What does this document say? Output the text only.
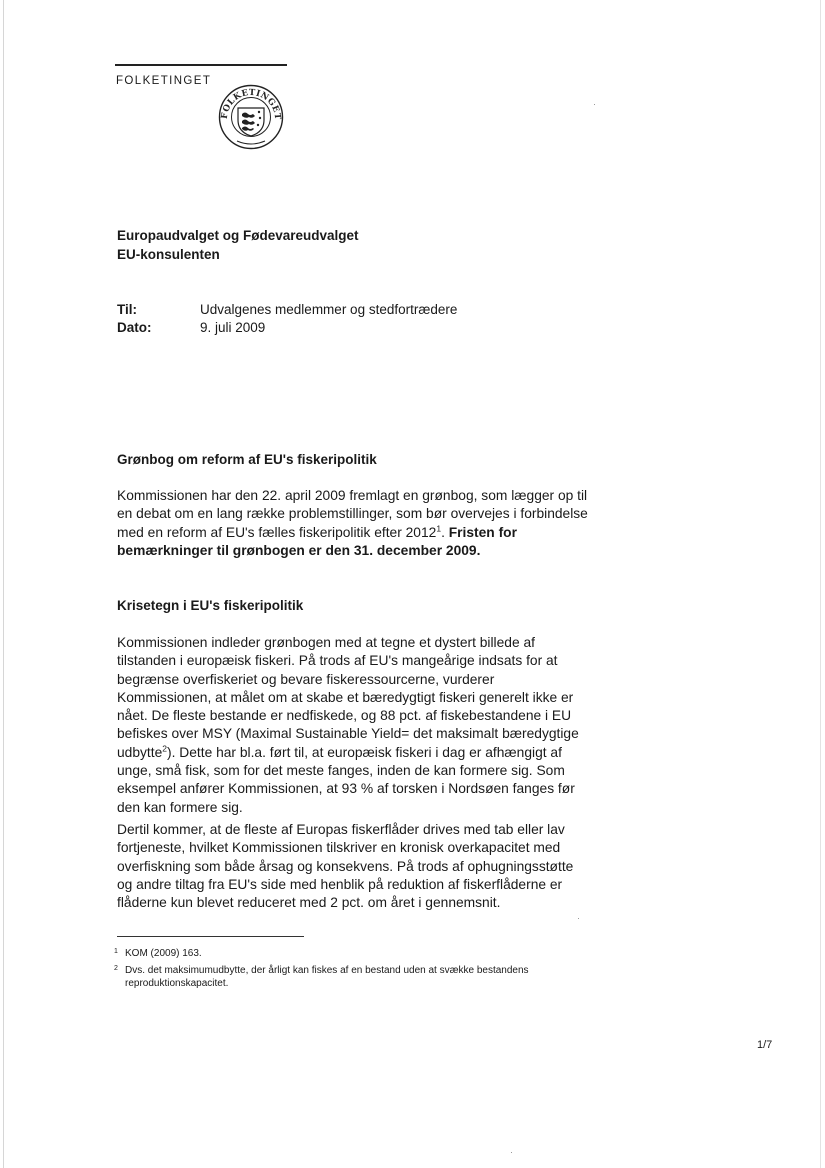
FOLKETINGET
FOLKETINGET
Europaudvalget og Fødevareudvalget
EU-konsulenten
Til:	Udvalgenes medlemmer og stedfortrædere
Dato:	9. juli 2009
Grønbog om reform af EU's fiskeripolitik
Kommissionen har den 22. april 2009 fremlagt en grønbog, som lægger op til en debat om en lang række problemstillinger, som bør overvejes i forbindelse med en reform af EU's fælles fiskeripolitik efter 2012$^1$. Fristen for bemærkninger til grønbogen er den 31. december 2009.
Krisetegn i EU's fiskeripolitik
Kommissionen indleder grønbogen med at tegne et dystert billede af tilstanden i europæisk fiskeri. På trods af EU's mangeårige indsats for at begrænse overfiskeriet og bevare fiskeressourcerne, vurderer Kommissionen, at målet om at skabe et bæredygtigt fiskeri generelt ikke er nået. De fleste bestande er nedfiskede, og 88 pct. af fiskebestandene i EU befiskes over MSY (Maximal Sustainable Yield= det maksimalt bæredygtige udbytte$^2$). Dette har bl.a. ført til, at europæisk fiskeri i dag er afhængigt af unge, små fisk, som for det meste fanges, inden de kan formere sig. Som eksempel anfører Kommissionen, at 93 % af torsken i Nordsøen fanges før den kan formere sig.
Dertil kommer, at de fleste af Europas fiskerflåder drives med tab eller lav fortjeneste, hvilket Kommissionen tilskriver en kronisk overkapacitet med overfiskning som både årsag og konsekvens. På trods af ophugningsstøtte og andre tiltag fra EU's side med henblik på reduktion af fiskerflåderne er flåderne kun blevet reduceret med 2 pct. om året i gennemsnit.
1 KOM (2009) 163.
2 Dvs. det maksimumudbytte, der årligt kan fiskes af en bestand uden at svække bestandens reproduktionskapacitet.
1/7
